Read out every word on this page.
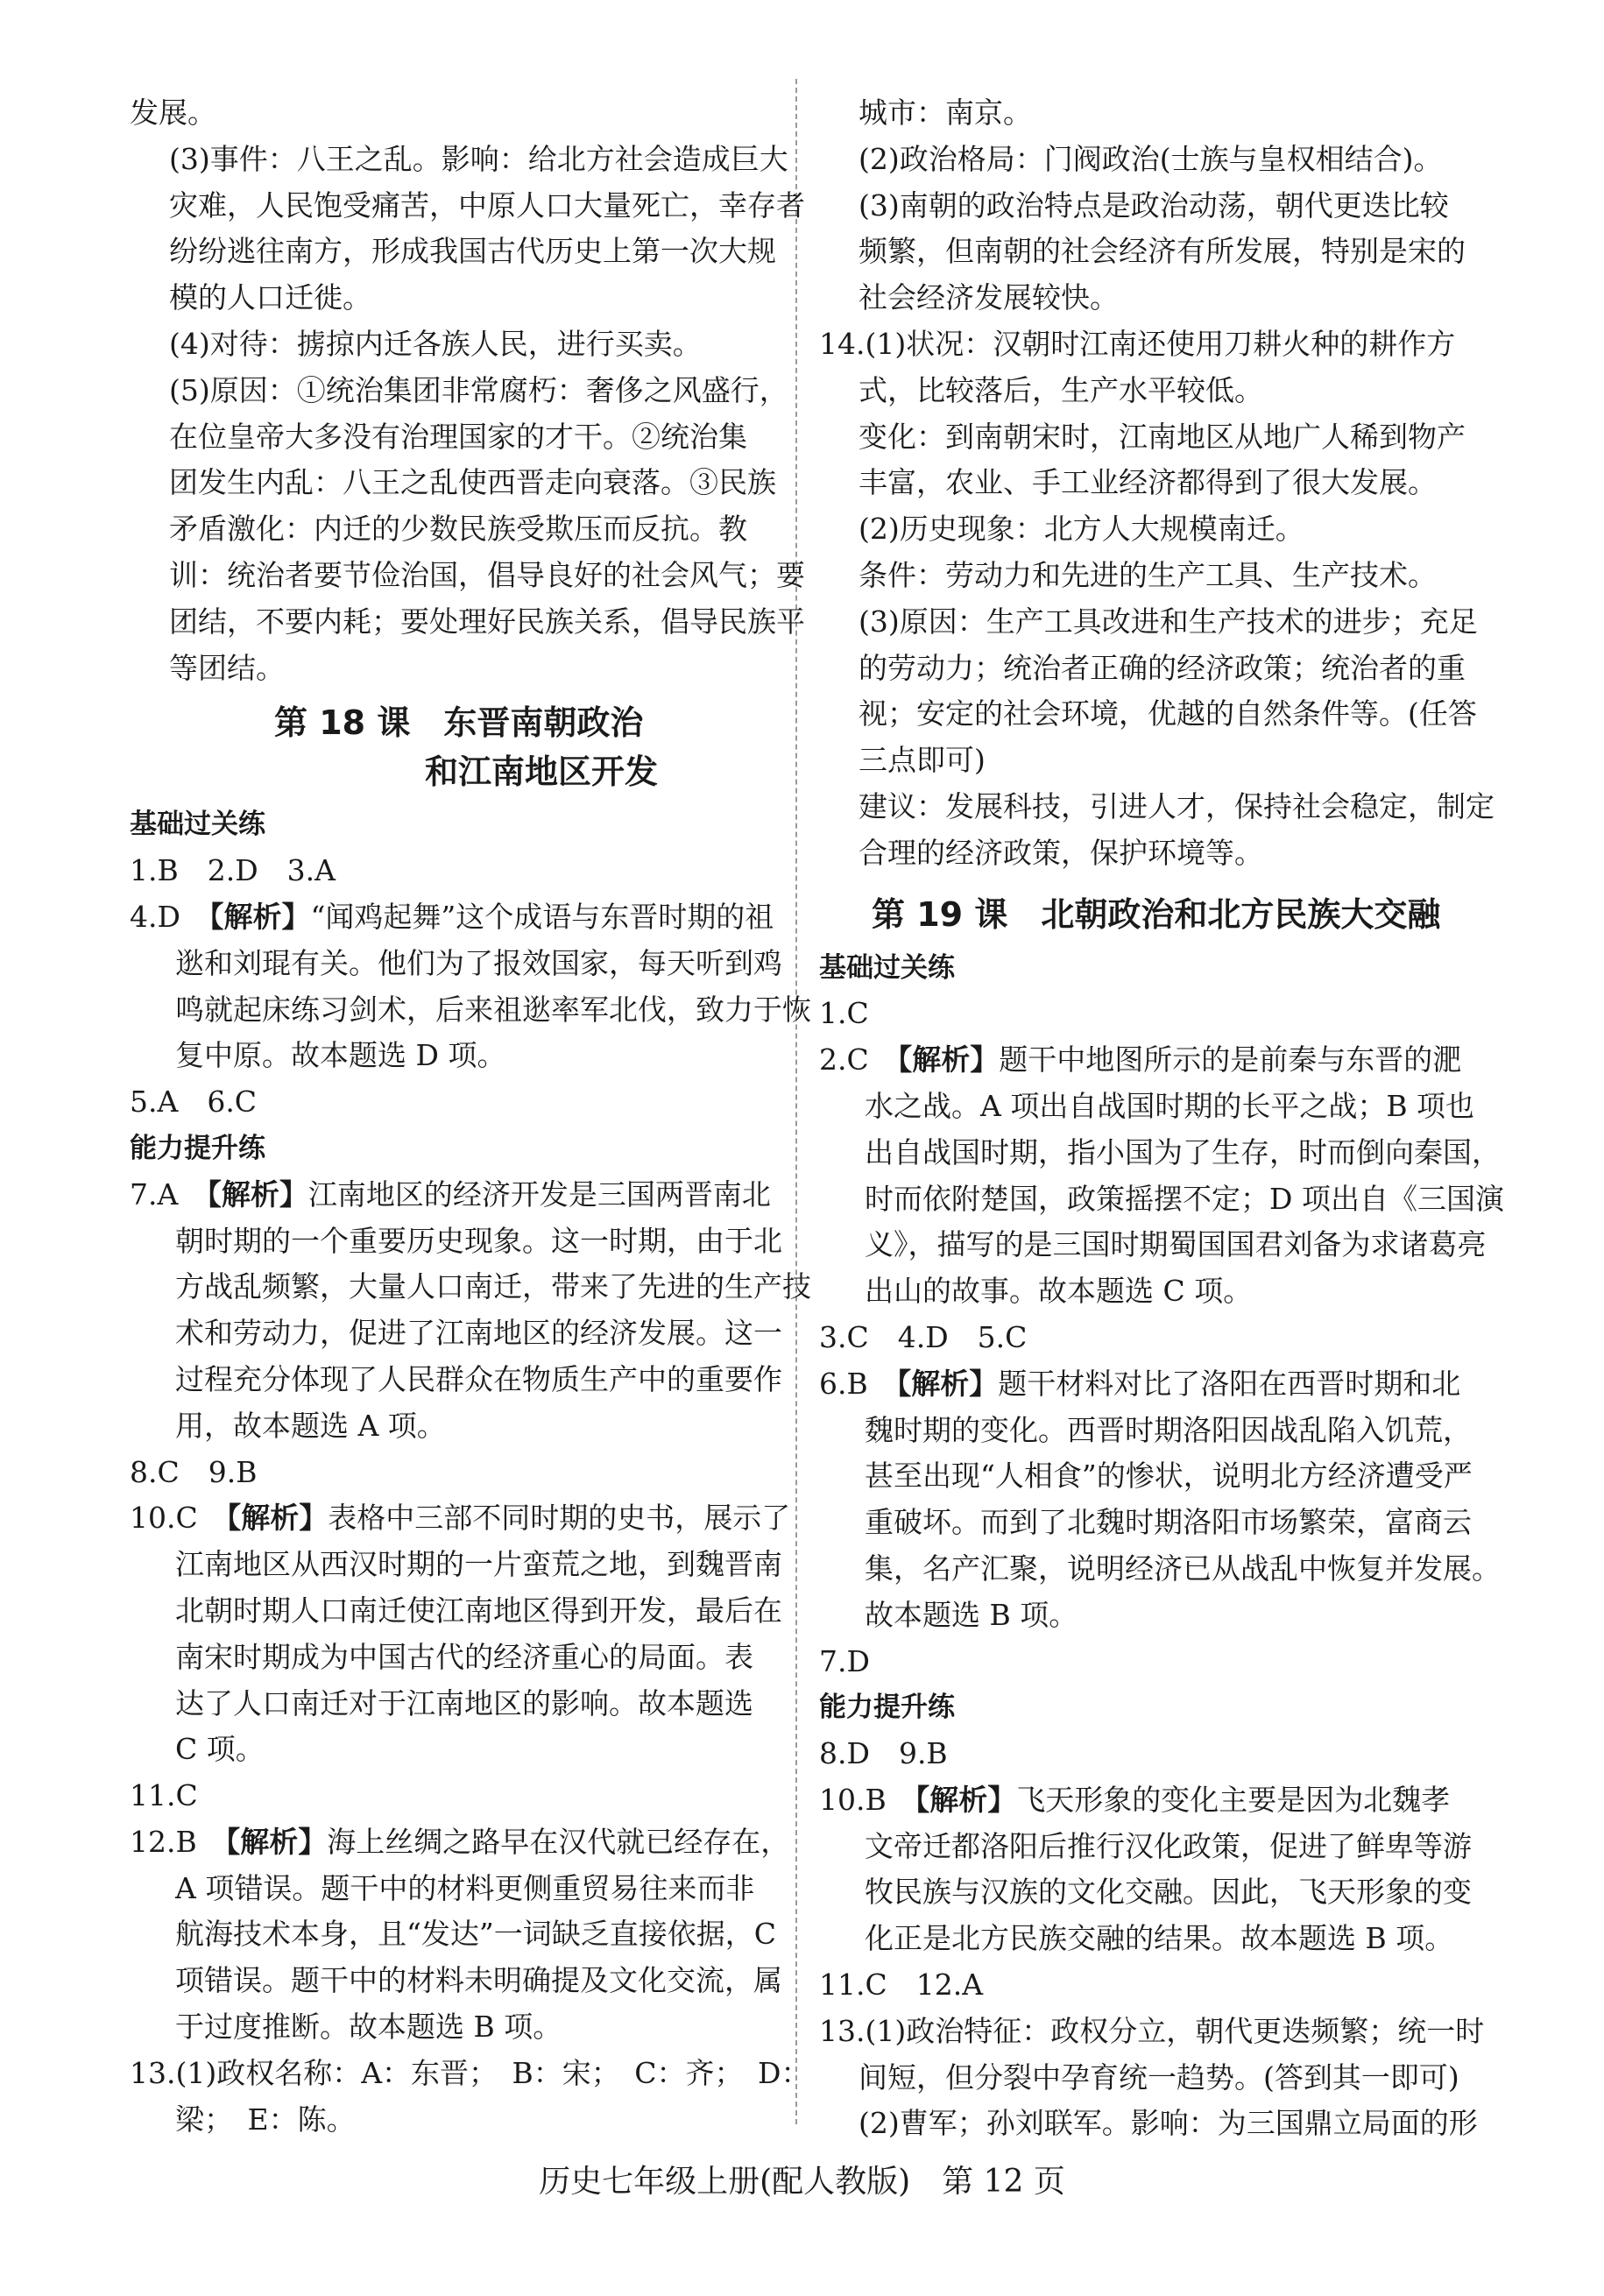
发展。
(3)事件：八王之乱。影响：给北方社会造成巨大
灾难，人民饱受痛苦，中原人口大量死亡，幸存者
纷纷逃往南方，形成我国古代历史上第一次大规
模的人口迁徙。
(4)对待：掳掠内迁各族人民，进行买卖。
(5)原因：①统治集团非常腐朽：奢侈之风盛行，
在位皇帝大多没有治理国家的才干。②统治集
团发生内乱：八王之乱使西晋走向衰落。③民族
矛盾激化：内迁的少数民族受欺压而反抗。教
训：统治者要节俭治国，倡导良好的社会风气；要
团结，不要内耗；要处理好民族关系，倡导民族平
等团结。
第 18 课　东晋南朝政治
和江南地区开发
基础过关练
1.B　2.D　3.A
4.D　【解析】“闻鸡起舞”这个成语与东晋时期的祖
逖和刘琨有关。他们为了报效国家，每天听到鸡
鸣就起床练习剑术，后来祖逖率军北伐，致力于恢
复中原。故本题选 D 项。
5.A　6.C
能力提升练
7.A　【解析】江南地区的经济开发是三国两晋南北
朝时期的一个重要历史现象。这一时期，由于北
方战乱频繁，大量人口南迁，带来了先进的生产技
术和劳动力，促进了江南地区的经济发展。这一
过程充分体现了人民群众在物质生产中的重要作
用，故本题选 A 项。
8.C　9.B
10.C　【解析】表格中三部不同时期的史书，展示了
江南地区从西汉时期的一片蛮荒之地，到魏晋南
北朝时期人口南迁使江南地区得到开发，最后在
南宋时期成为中国古代的经济重心的局面。表
达了人口南迁对于江南地区的影响。故本题选
C 项。
11.C
12.B　【解析】海上丝绸之路早在汉代就已经存在，
A 项错误。题干中的材料更侧重贸易往来而非
航海技术本身，且“发达”一词缺乏直接依据，C
项错误。题干中的材料未明确提及文化交流，属
于过度推断。故本题选 B 项。
13.(1)政权名称：A：东晋；　B：宋；　C：齐；　D：
梁；　E：陈。
城市：南京。
(2)政治格局：门阀政治(士族与皇权相结合)。
(3)南朝的政治特点是政治动荡，朝代更迭比较
频繁，但南朝的社会经济有所发展，特别是宋的
社会经济发展较快。
14.(1)状况：汉朝时江南还使用刀耕火种的耕作方
式，比较落后，生产水平较低。
变化：到南朝宋时，江南地区从地广人稀到物产
丰富，农业、手工业经济都得到了很大发展。
(2)历史现象：北方人大规模南迁。
条件：劳动力和先进的生产工具、生产技术。
(3)原因：生产工具改进和生产技术的进步；充足
的劳动力；统治者正确的经济政策；统治者的重
视；安定的社会环境，优越的自然条件等。(任答
三点即可)
建议：发展科技，引进人才，保持社会稳定，制定
合理的经济政策，保护环境等。
第 19 课　北朝政治和北方民族大交融
基础过关练
1.C
2.C　【解析】题干中地图所示的是前秦与东晋的淝
水之战。A 项出自战国时期的长平之战；B 项也
出自战国时期，指小国为了生存，时而倒向秦国，
时而依附楚国，政策摇摆不定；D 项出自《三国演
义》，描写的是三国时期蜀国国君刘备为求诸葛亮
出山的故事。故本题选 C 项。
3.C　4.D　5.C
6.B　【解析】题干材料对比了洛阳在西晋时期和北
魏时期的变化。西晋时期洛阳因战乱陷入饥荒，
甚至出现“人相食”的惨状，说明北方经济遭受严
重破坏。而到了北魏时期洛阳市场繁荣，富商云
集，名产汇聚，说明经济已从战乱中恢复并发展。
故本题选 B 项。
7.D
能力提升练
8.D　9.B
10.B　【解析】飞天形象的变化主要是因为北魏孝
文帝迁都洛阳后推行汉化政策，促进了鲜卑等游
牧民族与汉族的文化交融。因此，飞天形象的变
化正是北方民族交融的结果。故本题选 B 项。
11.C　12.A
13.(1)政治特征：政权分立，朝代更迭频繁；统一时
间短，但分裂中孕育统一趋势。(答到其一即可)
(2)曹军；孙刘联军。影响：为三国鼎立局面的形
历史七年级上册(配人教版)　第 12 页
